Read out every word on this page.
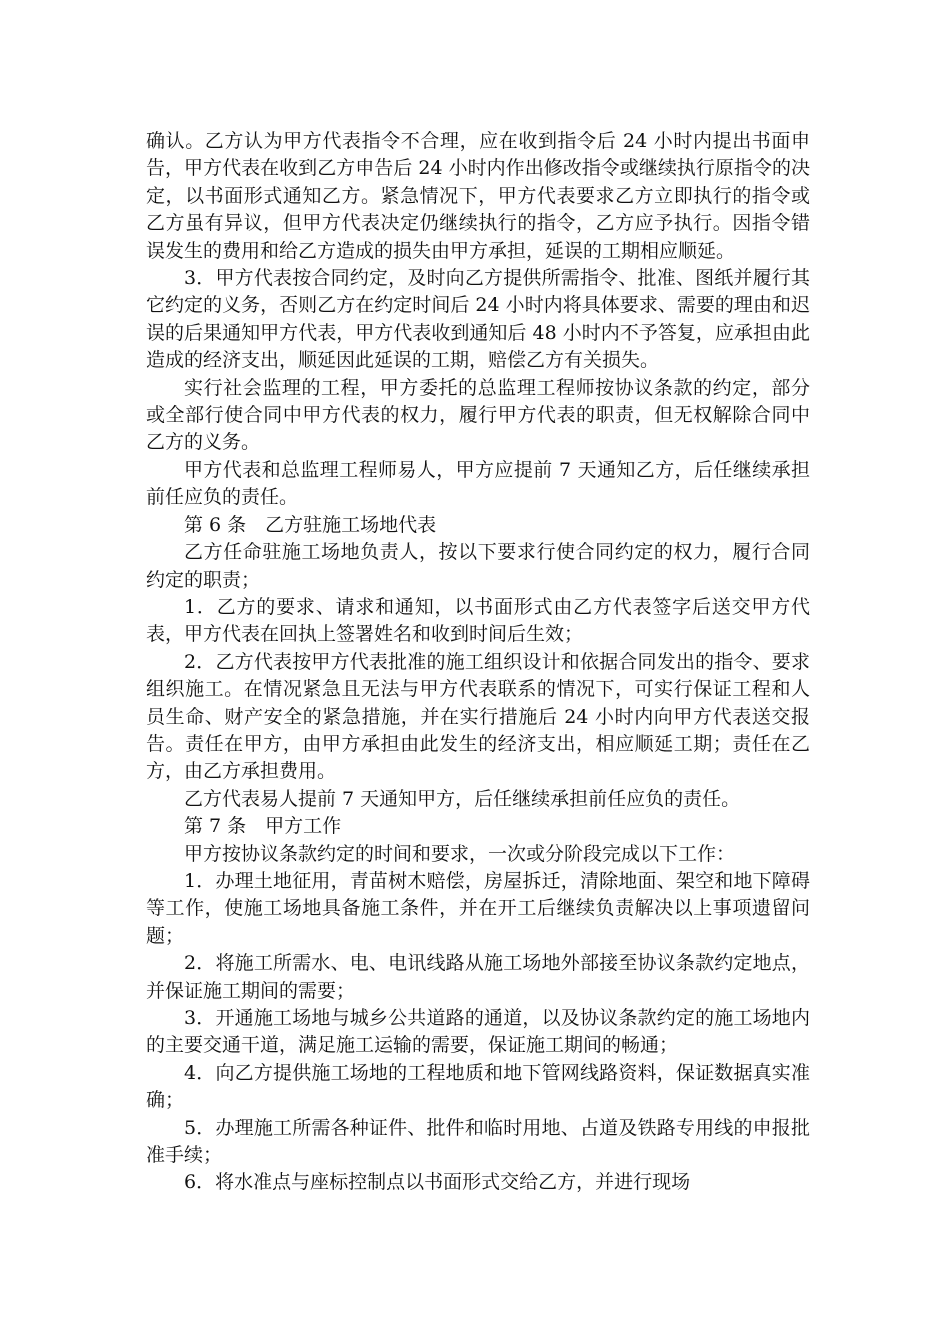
确认。乙方认为甲方代表指令不合理，应在收到指令后 24 小时内提出书面申告，甲方代表在收到乙方申告后 24 小时内作出修改指令或继续执行原指令的决定，以书面形式通知乙方。紧急情况下，甲方代表要求乙方立即执行的指令或乙方虽有异议，但甲方代表决定仍继续执行的指令，乙方应予执行。因指令错误发生的费用和给乙方造成的损失由甲方承担，延误的工期相应顺延。

3．甲方代表按合同约定，及时向乙方提供所需指令、批准、图纸并履行其它约定的义务，否则乙方在约定时间后 24 小时内将具体要求、需要的理由和迟误的后果通知甲方代表，甲方代表收到通知后 48 小时内不予答复，应承担由此造成的经济支出，顺延因此延误的工期，赔偿乙方有关损失。

实行社会监理的工程，甲方委托的总监理工程师按协议条款的约定，部分或全部行使合同中甲方代表的权力，履行甲方代表的职责，但无权解除合同中乙方的义务。

甲方代表和总监理工程师易人，甲方应提前 7 天通知乙方，后任继续承担前任应负的责任。

第 6 条　乙方驻施工场地代表

乙方任命驻施工场地负责人，按以下要求行使合同约定的权力，履行合同约定的职责；

1．乙方的要求、请求和通知，以书面形式由乙方代表签字后送交甲方代表，甲方代表在回执上签署姓名和收到时间后生效；

2．乙方代表按甲方代表批准的施工组织设计和依据合同发出的指令、要求组织施工。在情况紧急且无法与甲方代表联系的情况下，可实行保证工程和人员生命、财产安全的紧急措施，并在实行措施后 24 小时内向甲方代表送交报告。责任在甲方，由甲方承担由此发生的经济支出，相应顺延工期；责任在乙方，由乙方承担费用。

乙方代表易人提前 7 天通知甲方，后任继续承担前任应负的责任。

第 7 条　甲方工作

甲方按协议条款约定的时间和要求，一次或分阶段完成以下工作：

1．办理土地征用，青苗树木赔偿，房屋拆迁，清除地面、架空和地下障碍等工作，使施工场地具备施工条件，并在开工后继续负责解决以上事项遗留问题；

2．将施工所需水、电、电讯线路从施工场地外部接至协议条款约定地点，并保证施工期间的需要；

3．开通施工场地与城乡公共道路的通道，以及协议条款约定的施工场地内的主要交通干道，满足施工运输的需要，保证施工期间的畅通；

4．向乙方提供施工场地的工程地质和地下管网线路资料，保证数据真实准确；

5．办理施工所需各种证件、批件和临时用地、占道及铁路专用线的申报批准手续；

6．将水准点与座标控制点以书面形式交给乙方，并进行现场
